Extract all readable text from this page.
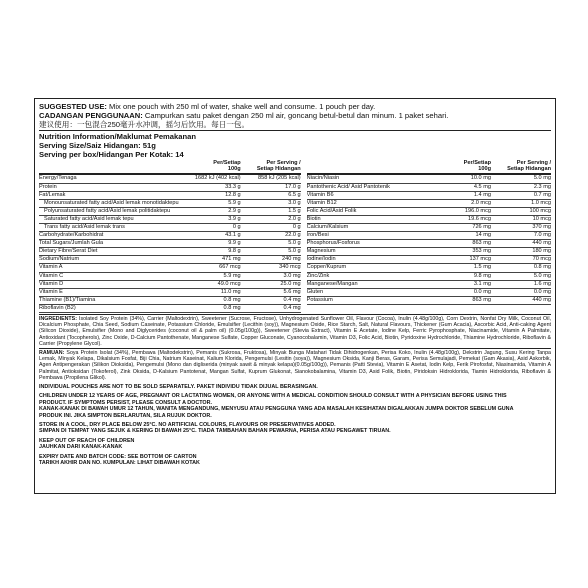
SUGGESTED USE: Mix one pouch with 250 ml of water, shake well and consume. 1 pouch per day.
CADANGAN PENGGUNAAN: Campurkan satu paket dengan 250 ml air, goncang betul-betul dan minum. 1 paket sehari.
建议使用：一包混合250毫升水冲调，摇匀后饮用。每日一包。
Nutrition Information/Maklumat Pemakanan
Serving Size/Saiz Hidangan: 51g
Serving per box/Hidangan Per Kotak: 14
Per/Setiap
100g
Per Serving /
Setiap Hidangan
Energy/Tenaga	1682 kJ (402 kcal)	858 kJ (205 kcal)
Protein	33.3 g	17.0 g
Fat/Lemak	12.8 g	6.5 g
Monounsaturated fatty acid/Asid lemak monotidaktepu	5.9 g	3.0 g
Polyunsaturated fatty acid/Asid lemak politidaktepu	2.9 g	1.5 g
Saturated fatty acid/Asid lemak tepu	3.9 g	2.0 g
Trans fatty acid/Asid lemak trans	0 g	0 g
Carbohydrate/Karbohidrat	43.1 g	22.0 g
Total Sugars/Jumlah Gula	9.9 g	5.0 g
Dietary Fibre/Serat Diet	9.8 g	5.0 g
Sodium/Natrium	471 mg	240 mg
Vitamin A	667 mcg	340 mcg
Vitamin C	5.9 mg	3.0 mg
Vitamin D	49.0 mcg	25.0 mg
Vitamin E	11.0 mg	5.6 mg
Thiamine (B1)/Tiamina	0.8 mg	0.4 mg
Riboflavin (B2)	0.8 mg	0.4 mg
Per/Setiap
100g
Per Serving /
Setiap Hidangan
Niacin/Niasin	10.0 mg	5.0 mg
Pantothenic Acid/ Asid Pantotenik	4.5 mg	2.3 mg
Vitamin B6	1.4 mg	0.7 mg
Vitamin B12	2.0 mcg	1.0 mcg
Folic Acid/Asid Folik	196.0 mcg	100 mcg
Biotin	19.6 mcg	10 mcg
Calcium/Kalsium	726 mg	370 mg
Iron/Besi	14 mg	7.0 mg
Phosphorus/Fosforus	863 mg	440 mg
Magnesium	353 mg	180 mg
Iodine/Iodin	137 mcg	70 mcg
Copper/Kuprum	1.5 mg	0.8 mg
Zinc/Zink	9.8 mg	5.0 mg
Manganese/Mangan	3.1 mg	1.6 mg
Gluten	0.0 mg	0.0 mg
Potassium	863 mg	440 mg
INGREDIENTS: Isolated Soy Protein (34%), Carrier (Maltodextrin), Sweetener (Sucrose, Fructose), Unhydrogenated Sunflower Oil, Flavour (Cocoa), Inulin (4.48g/100g), Corn Dextrin, Nonfat Dry Milk, Coconut Oil, Dicalcium Phosphate, Chia Seed, Sodium Caseinate, Potassium Chloride, Emulsifier (Lecithin (soy)), Magnesium Oxide, Rice Starch, Salt, Natural Flavours, Thickener (Gum Acacia), Ascorbic Acid, Anti-caking Agent (Silicon Dioxide), Emulsifier (Mono and Diglycerides (coconut oil & palm oil) (0.05g/100g)), Sweetener (Stevia Extract), Vitamin E Acetate, Iodine Kelp, Ferric Pyrophosphate, Niacinamide, Vitamin A Palmitate, Antioxidant (Tocopherols), Zinc Oxide, D-Calcium Pantothenate, Manganese Sulfate, Copper Gluconate, Cyanocobalamin, Vitamin D3, Folic Acid, Biotin, Pyridoxine Hydrochloride, Thiamine Hydrochloride, Riboflavin & Carrier (Propylene Glycol).
RAMUAN: Soya Protein Isolat (34%), Pembawa (Maltodekstrin), Pemanis (Sukrosa, Fruktosa), Minyak Bunga Matahari Tidak Dihidrogenkan, Perisa Koko, Inulin (4.48g/100g), Dekstrin Jagung, Susu Kering Tanpa Lemak, Minyak Kelapa, Dikalsium Fosfat, Biji Chia, Natrium Kaseinat, Kalium Klorida, Pengemulsi (Lesitin (soya)), Magnesium Oksida, Kanji Beras, Garam, Perisa Semulajadi, Pemekat (Gam Akasia), Asid Askorbik, Agen Antipengerakan (Silikon Dioksida), Pengemulsi (Mono dan digliserida (minyak sawit & minyak kelapa)(0.05g/100g)), Pemanis (Patti Stevia), Vitamin E Asetat, Iodin Kelp, Ferik Pirofosfat, Niasinamida, Vitamin A Palmitat, Antioksidan (Tokoferol), Zink Oksida, D-Kalsium Pantotenat, Mangan Sulfat, Kuprum Glukonat, Sianokobalamina, Vitamin D3, Asid Folik, Biotin, Piridoksin Hidroklorida, Tiamin Hidroklorida, Riboflavin & Pembawa (Propilena Glikol).
INDIVIDUAL POUCHES ARE NOT TO BE SOLD SEPARATELY. PAKET INDIVIDU TIDAK DIJUAL BERASINGAN.
CHILDREN UNDER 12 YEARS OF AGE, PREGNANT OR LACTATING WOMEN, OR ANYONE WITH A MEDICAL CONDITION SHOULD CONSULT WITH A PHYSICIAN BEFORE USING THIS
PRODUCT. IF SYMPTOMS PERSIST, PLEASE CONSULT A DOCTOR.
KANAK-KANAK DI BAWAH UMUR 12 TAHUN, WANITA MENGANDUNG, MENYUSU ATAU PENGGUNA YANG ADA MASALAH KESIHATAN DIGALAKKAN JUMPA DOKTOR SEBELUM GUNA
PRODUK INI. JIKA SIMPTON BERLARUTAN, SILA RUJUK DOKTOR.
STORE IN A COOL, DRY PLACE BELOW 25°C. NO ARTIFICIAL COLOURS, FLAVOURS OR PRESERVATIVES ADDED.
SIMPAN DI TEMPAT YANG SEJUK & KERING DI BAWAH 25°C. TIADA TAMBAHAN BAHAN PEWARNA, PERISA ATAU PENGAWET TIRUAN.
KEEP OUT OF REACH OF CHILDREN
JAUHKAN DARI KANAK-KANAK
EXPIRY DATE AND BATCH CODE: SEE BOTTOM OF CARTON
TARIKH AKHIR DAN NO. KUMPULAN: LIHAT DIBAWAH KOTAK
